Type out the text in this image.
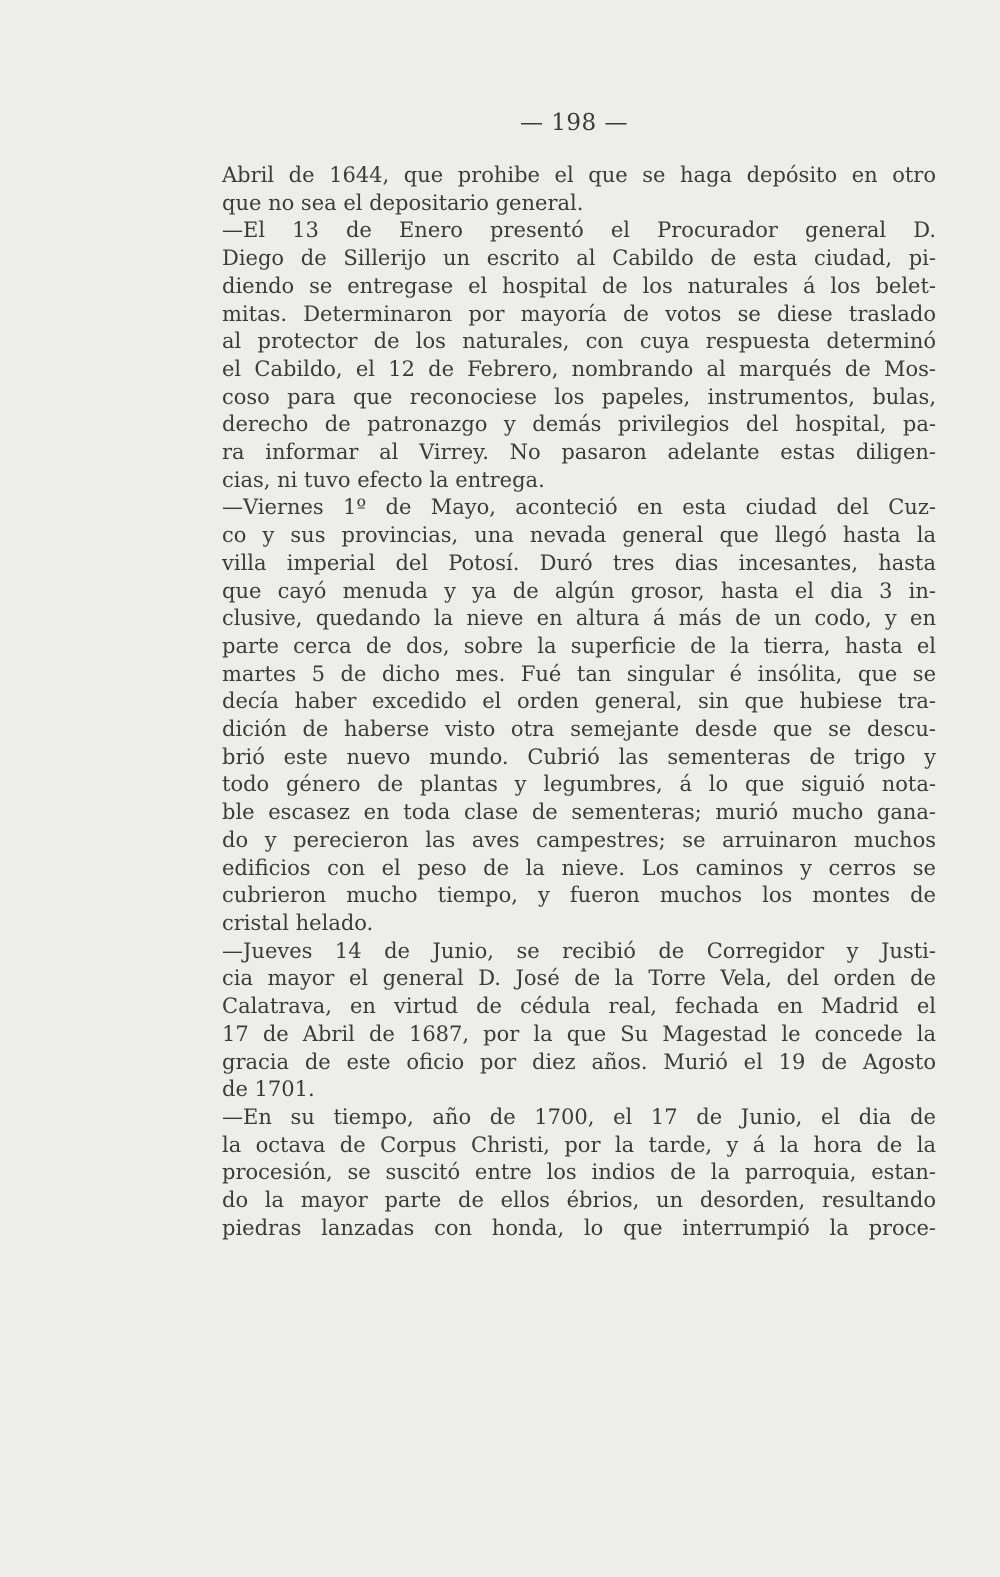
— 198 —
Abril de 1644, que prohibe el que se haga depósito en otro
que no sea el depositario general.
—El 13 de Enero presentó el Procurador general D.
Diego de Sillerijo un escrito al Cabildo de esta ciudad, pi-
diendo se entregase el hospital de los naturales á los belet-
mitas. Determinaron por mayoría de votos se diese traslado
al protector de los naturales, con cuya respuesta determinó
el Cabildo, el 12 de Febrero, nombrando al marqués de Mos-
coso para que reconociese los papeles, instrumentos, bulas,
derecho de patronazgo y demás privilegios del hospital, pa-
ra informar al Virrey. No pasaron adelante estas diligen-
cias, ni tuvo efecto la entrega.
—Viernes 1º de Mayo, aconteció en esta ciudad del Cuz-
co y sus provincias, una nevada general que llegó hasta la
villa imperial del Potosí. Duró tres dias incesantes, hasta
que cayó menuda y ya de algún grosor, hasta el dia 3 in-
clusive, quedando la nieve en altura á más de un codo, y en
parte cerca de dos, sobre la superficie de la tierra, hasta el
martes 5 de dicho mes. Fué tan singular é insólita, que se
decía haber excedido el orden general, sin que hubiese tra-
dición de haberse visto otra semejante desde que se descu-
brió este nuevo mundo. Cubrió las sementeras de trigo y
todo género de plantas y legumbres, á lo que siguió nota-
ble escasez en toda clase de sementeras; murió mucho gana-
do y perecieron las aves campestres; se arruinaron muchos
edificios con el peso de la nieve. Los caminos y cerros se
cubrieron mucho tiempo, y fueron muchos los montes de
cristal helado.
—Jueves 14 de Junio, se recibió de Corregidor y Justi-
cia mayor el general D. José de la Torre Vela, del orden de
Calatrava, en virtud de cédula real, fechada en Madrid el
17 de Abril de 1687, por la que Su Magestad le concede la
gracia de este oficio por diez años. Murió el 19 de Agosto
de 1701.
—En su tiempo, año de 1700, el 17 de Junio, el dia de
la octava de Corpus Christi, por la tarde, y á la hora de la
procesión, se suscitó entre los indios de la parroquia, estan-
do la mayor parte de ellos ébrios, un desorden, resultando
piedras lanzadas con honda, lo que interrumpió la proce-
